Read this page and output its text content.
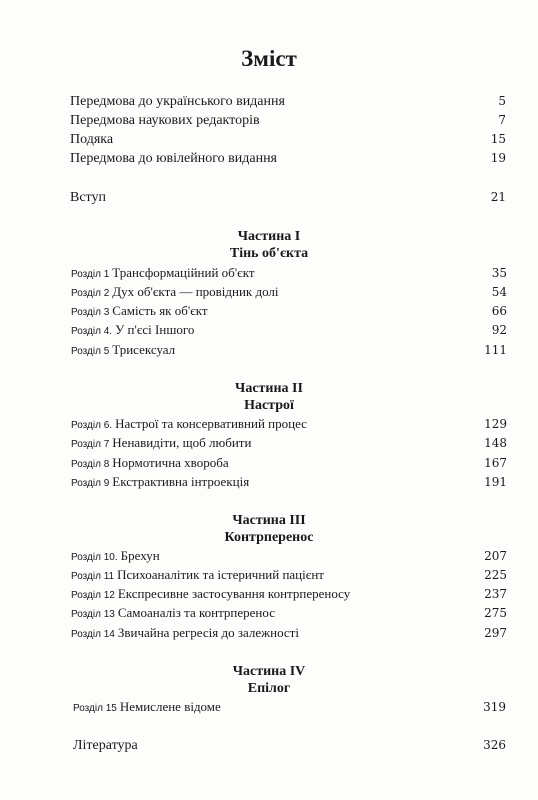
Зміст
Передмова до українського видання	5
Передмова наукових редакторів	7
Подяка	15
Передмова до ювілейного видання	19
Вступ	21
Частина I
Тінь об'єкта
Розділ 1 Трансформаційний об'єкт	35
Розділ 2 Дух об'єкта — провідник долі	54
Розділ 3 Самість як об'єкт	66
Розділ 4. У п'єсі Іншого	92
Розділ 5 Трисексуал	111
Частина II
Настрої
Розділ 6. Настрої та консервативний процес	129
Розділ 7 Ненавидіти, щоб любити	148
Розділ 8 Нормотична хвороба	167
Розділ 9 Екстрактивна інтроекція	191
Частина III
Контрперенос
Розділ 10. Брехун	207
Розділ 11 Психоаналітик та істеричний пацієнт	225
Розділ 12 Експресивне застосування контрпереносу	237
Розділ 13 Самоаналіз та контрперенос	275
Розділ 14 Звичайна регресія до залежності	297
Частина IV
Епілог
Розділ 15 Немислене відоме	319
Література	326
